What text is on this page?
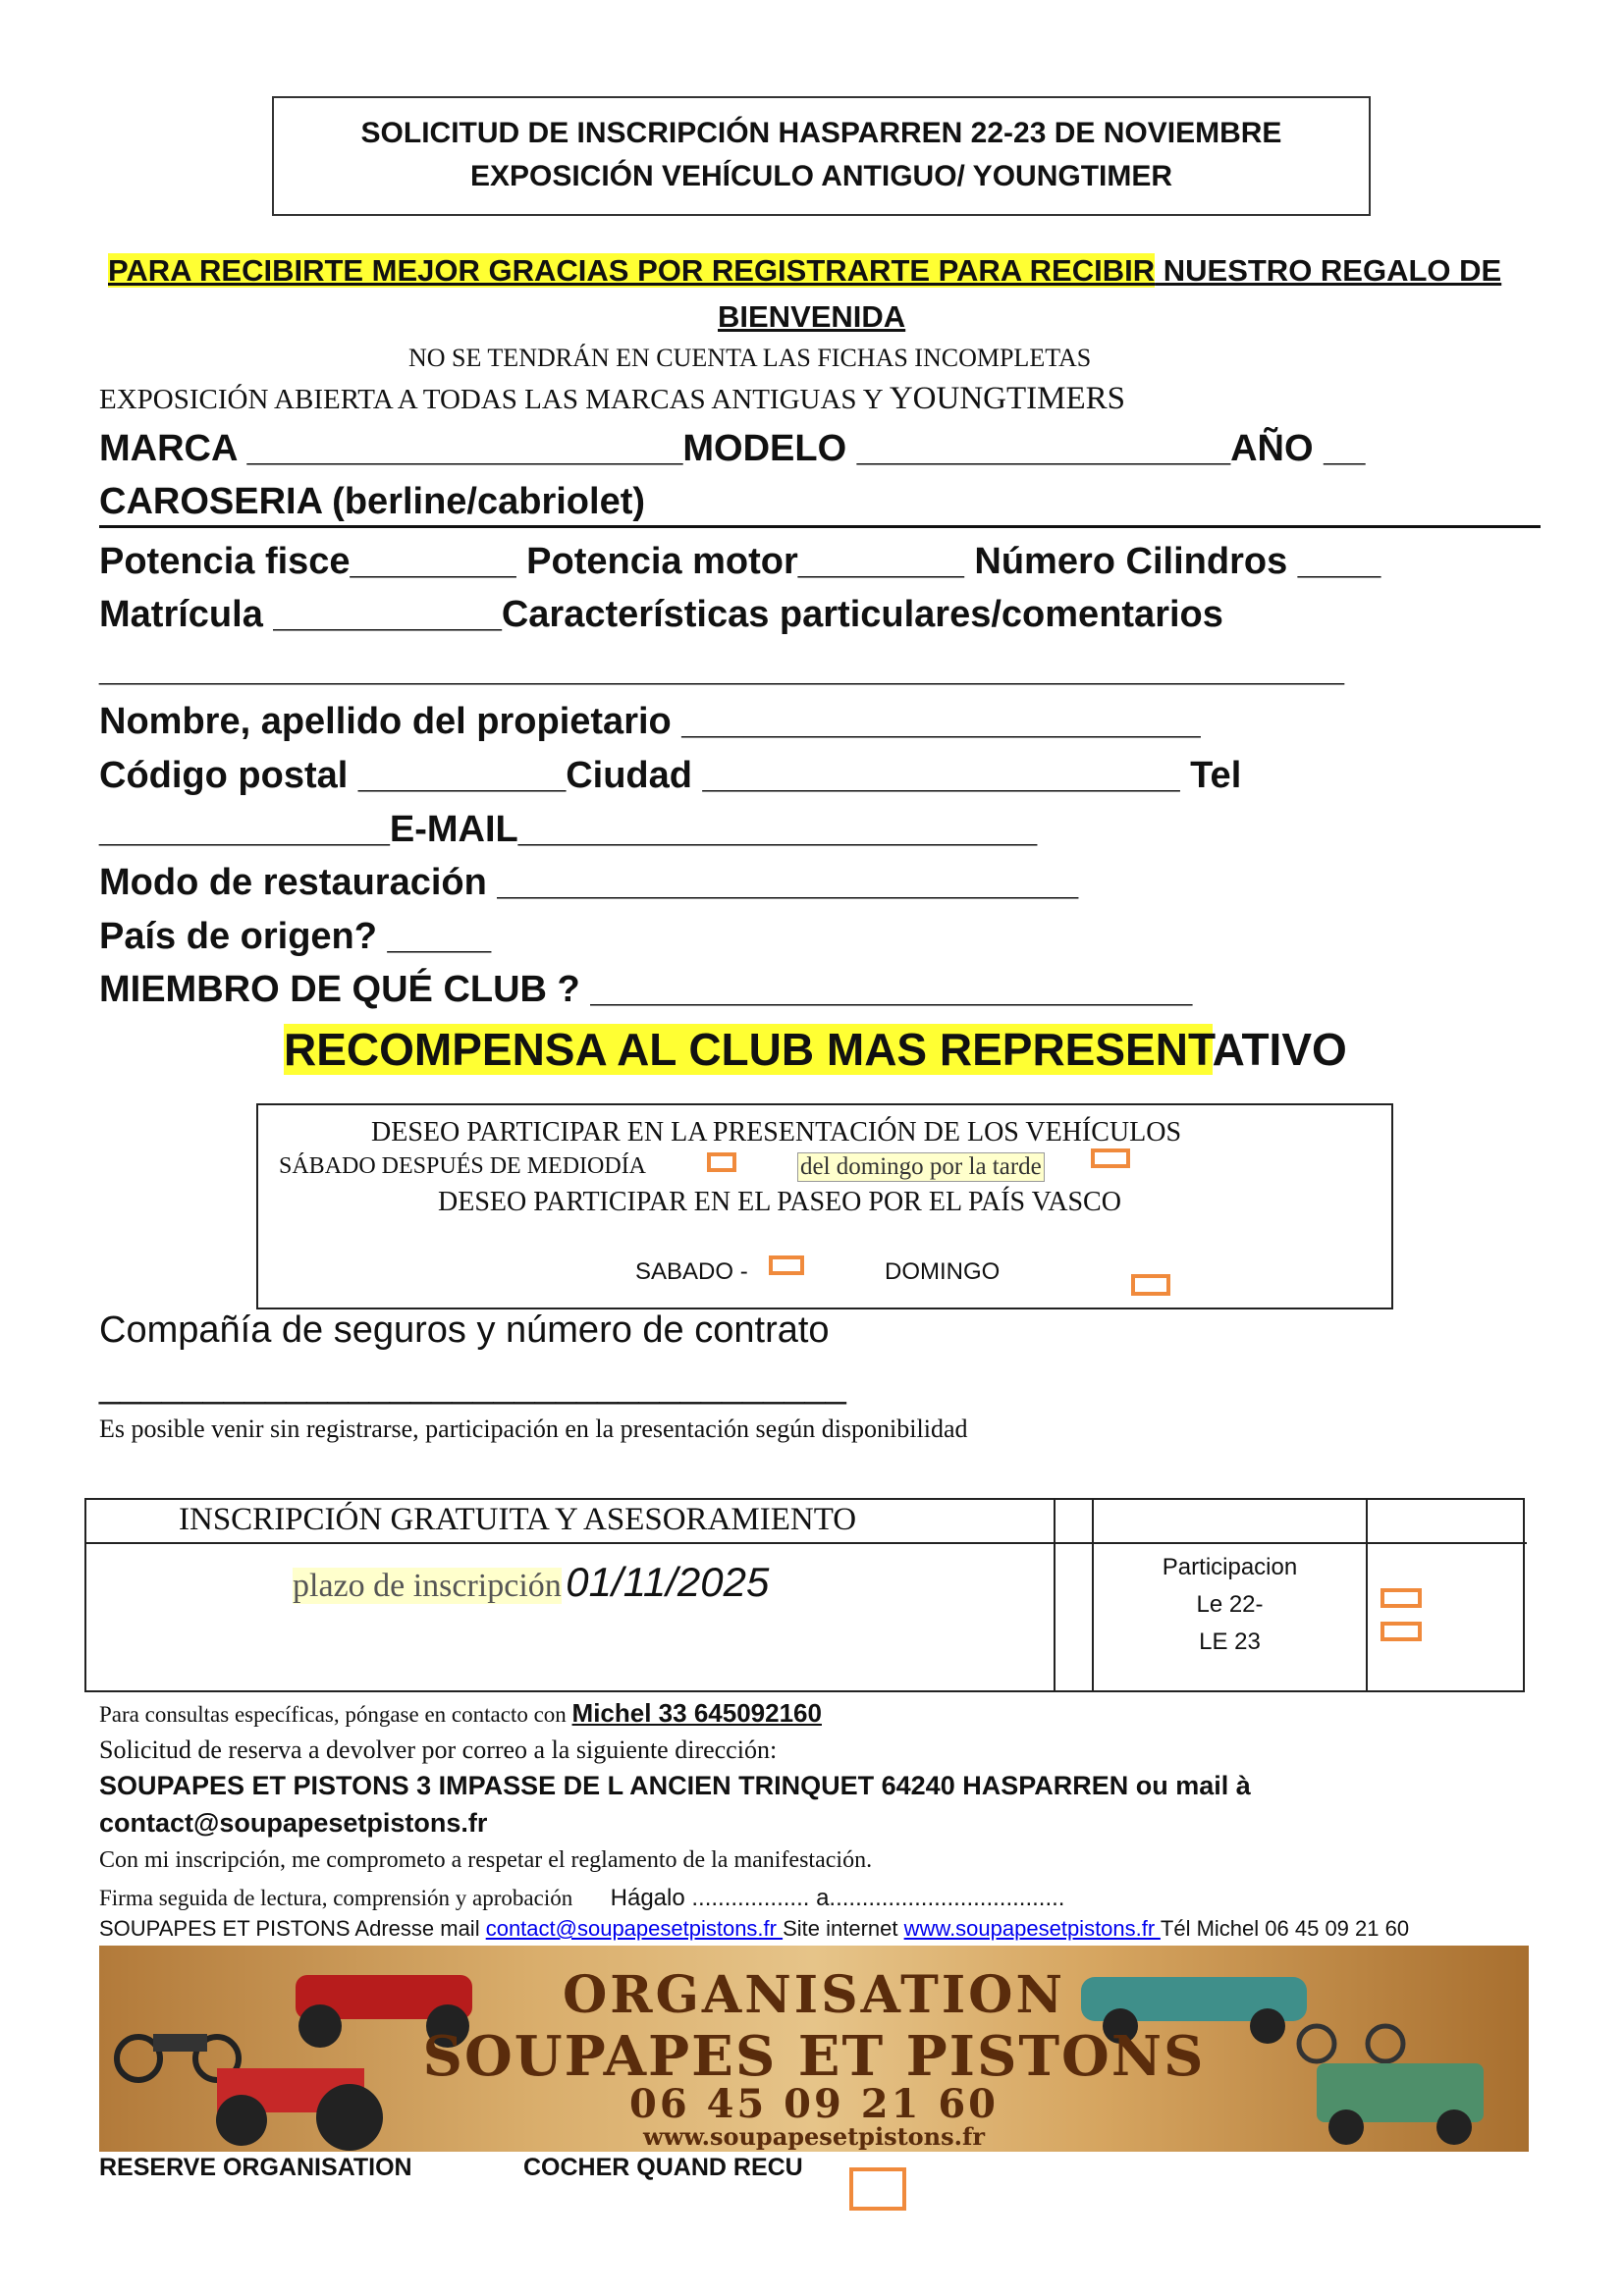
SOLICITUD DE INSCRIPCIÓN HASPARREN 22-23 DE NOVIEMBRE
EXPOSICIÓN VEHÍCULO ANTIGUO/ YOUNGTIMER
PARA RECIBIRTE MEJOR GRACIAS POR REGISTRARTE PARA RECIBIR NUESTRO REGALO DE
BIENVENIDA
NO SE TENDRÁN EN CUENTA LAS FICHAS INCOMPLETAS
EXPOSICIÓN ABIERTA A TODAS LAS MARCAS ANTIGUAS Y YOUNGTIMERS
MARCA _____________________MODELO __________________AÑO __
CAROSERIA (berline/cabriolet)
Potencia fisce________ Potencia motor________ Número Cilindros ____
Matrícula ___________Características particulares/comentarios
____________________________________________________________
Nombre, apellido del propietario _________________________
Código postal __________Ciudad _______________________ Tel
______________E-MAIL_________________________
Modo de restauración ____________________________
País de origen? _____
MIEMBRO DE QUÉ CLUB ? _____________________________
RECOMPENSA AL CLUB MAS REPRESENTATIVO
DESEO PARTICIPAR EN LA PRESENTACIÓN DE LOS VEHÍCULOS
SÁBADO DESPUÉS DE MEDIODÍA	del domingo por la tarde
DESEO PARTICIPAR EN EL PASEO POR EL PAÍS VASCO
SABADO -	DOMINGO
Compañía de seguros y número de contrato
____________________________________
Es posible venir sin registrarse, participación en la presentación según disponibilidad
INSCRIPCIÓN GRATUITA Y ASESORAMIENTO
plazo de inscripción 01/11/2025	Participacion
Le 22-
LE 23
Para consultas específicas, póngase en contacto con Michel 33 645092160
Solicitud de reserva a devolver por correo a la siguiente dirección:
SOUPAPES ET PISTONS 3 IMPASSE DE L ANCIEN TRINQUET 64240 HASPARREN ou mail à
contact@soupapesetpistons.fr
Con mi inscripción, me comprometo a respetar el reglamento de la manifestación.
Firma seguida de lectura, comprensión y aprobación Hágalo .................. a....................................
SOUPAPES ET PISTONS Adresse mail contact@soupapesetpistons.fr Site internet www.soupapesetpistons.fr Tél Michel 06 45 09 21 60
ORGANISATION
SOUPAPES ET PISTONS
06 45 09 21 60
www.soupapesetpistons.fr
RESERVE ORGANISATION	COCHER QUAND RECU
